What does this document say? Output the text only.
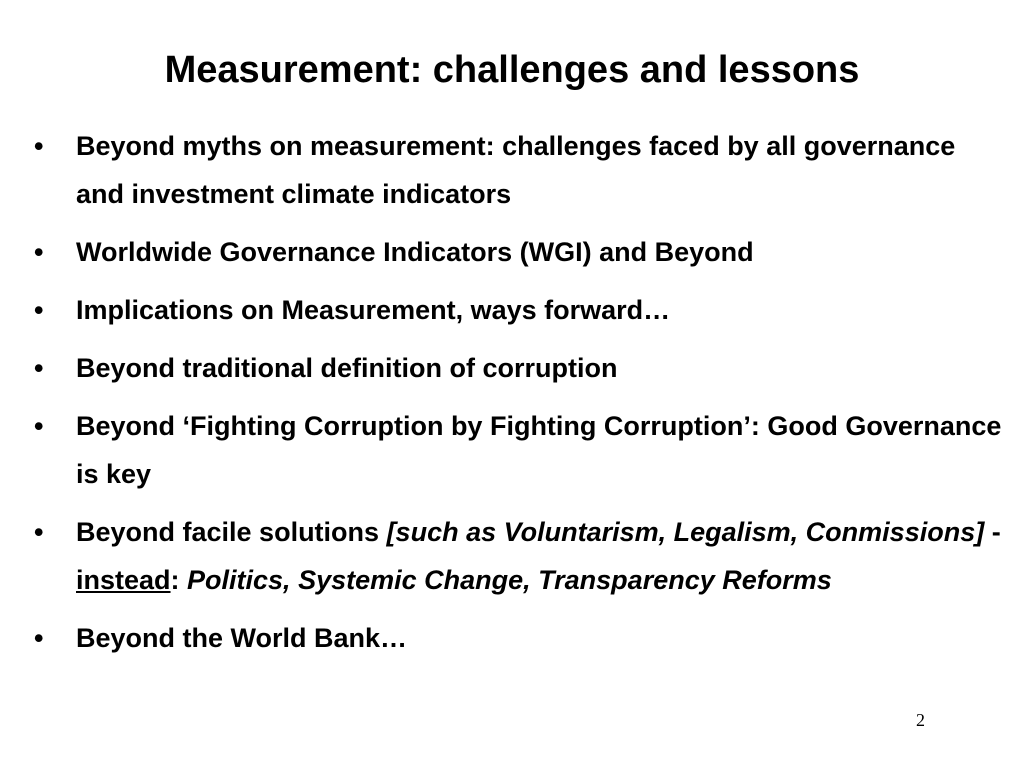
Measurement: challenges and lessons
• Beyond myths on measurement: challenges faced by all governance and investment climate indicators
• Worldwide Governance Indicators (WGI) and Beyond
• Implications on Measurement, ways forward…
• Beyond traditional definition of corruption
• Beyond ‘Fighting Corruption by Fighting Corruption’: Good Governance is key
• Beyond facile solutions [such as Voluntarism, Legalism, Conmissions] - instead: Politics, Systemic Change, Transparency Reforms
• Beyond the World Bank…
2
